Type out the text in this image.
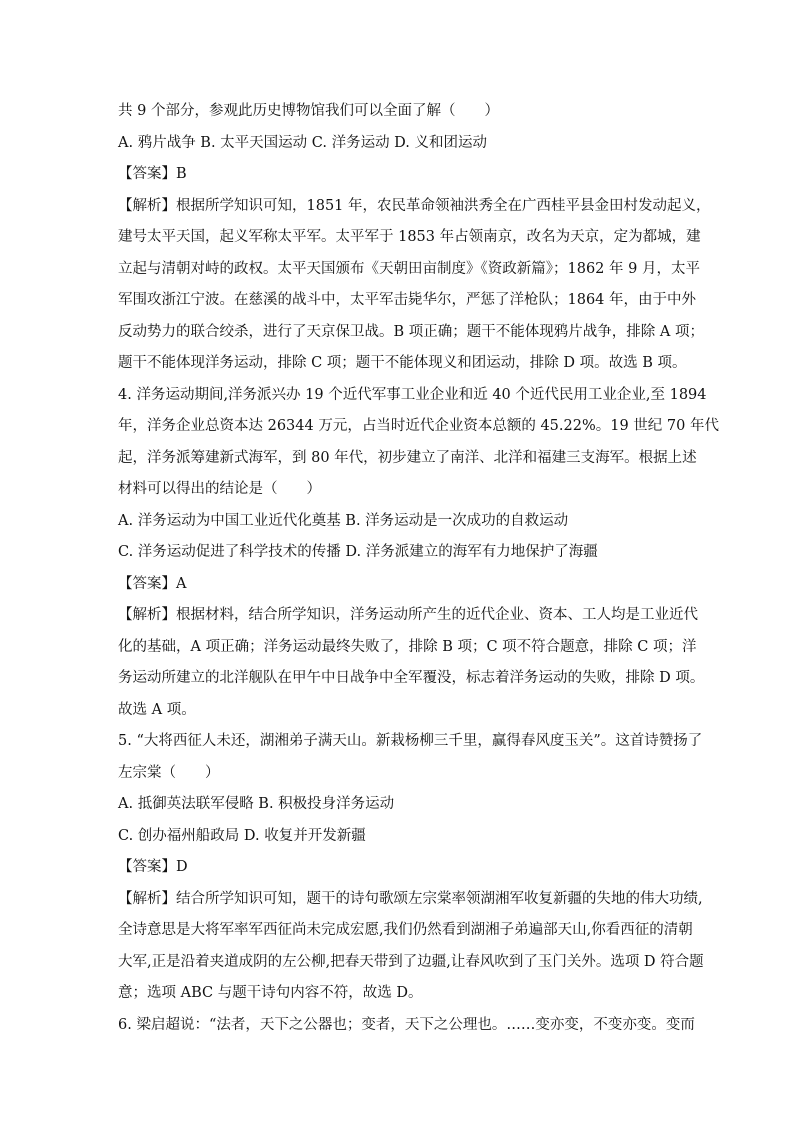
共 9 个部分，参观此历史博物馆我们可以全面了解（　　）
A. 鸦片战争 B. 太平天国运动 C. 洋务运动 D. 义和团运动
【答案】B
【解析】根据所学知识可知，1851 年，农民革命领袖洪秀全在广西桂平县金田村发动起义，
建号太平天国，起义军称太平军。太平军于 1853 年占领南京，改名为天京，定为都城，建
立起与清朝对峙的政权。太平天国颁布《天朝田亩制度》《资政新篇》；1862 年 9 月，太平
军围攻浙江宁波。在慈溪的战斗中，太平军击毙华尔，严惩了洋枪队；1864 年，由于中外
反动势力的联合绞杀，进行了天京保卫战。B 项正确；题干不能体现鸦片战争，排除 A 项；
题干不能体现洋务运动，排除 C 项；题干不能体现义和团运动，排除 D 项。故选 B 项。
4. 洋务运动期间,洋务派兴办 19 个近代军事工业企业和近 40 个近代民用工业企业,至 1894
年，洋务企业总资本达 26344 万元，占当时近代企业资本总额的 45.22%。19 世纪 70 年代
起，洋务派筹建新式海军，到 80 年代，初步建立了南洋、北洋和福建三支海军。根据上述
材料可以得出的结论是（　　）
A. 洋务运动为中国工业近代化奠基 B. 洋务运动是一次成功的自救运动
C. 洋务运动促进了科学技术的传播 D. 洋务派建立的海军有力地保护了海疆
【答案】A
【解析】根据材料，结合所学知识，洋务运动所产生的近代企业、资本、工人均是工业近代
化的基础，A 项正确；洋务运动最终失败了，排除 B 项；C 项不符合题意，排除 C 项；洋
务运动所建立的北洋舰队在甲午中日战争中全军覆没，标志着洋务运动的失败，排除 D 项。
故选 A 项。
5. “大将西征人未还，湖湘弟子满天山。新栽杨柳三千里，赢得春风度玉关”。这首诗赞扬了
左宗棠（　　）
A. 抵御英法联军侵略 B. 积极投身洋务运动
C. 创办福州船政局 D. 收复并开发新疆
【答案】D
【解析】结合所学知识可知，题干的诗句歌颂左宗棠率领湖湘军收复新疆的失地的伟大功绩,
全诗意思是大将军率军西征尚未完成宏愿,我们仍然看到湖湘子弟遍部天山,你看西征的清朝
大军,正是沿着夹道成阴的左公柳,把春天带到了边疆,让春风吹到了玉门关外。选项 D 符合题
意；选项 ABC 与题干诗句内容不符，故选 D。
6. 梁启超说：“法者，天下之公器也；变者，天下之公理也。……变亦变，不变亦变。变而
